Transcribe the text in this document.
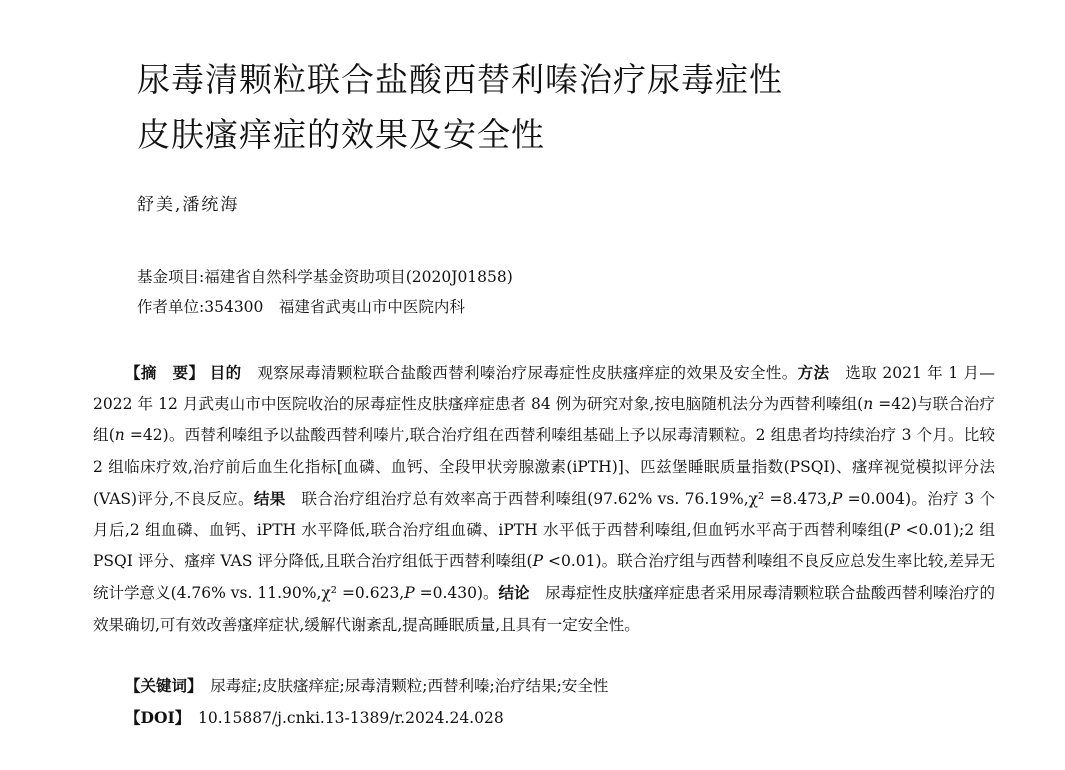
尿毒清颗粒联合盐酸西替利嗪治疗尿毒症性
皮肤瘙痒症的效果及安全性
舒美,潘统海
基金项目:福建省自然科学基金资助项目(2020J01858)
作者单位:354300　福建省武夷山市中医院内科

【摘　要】 目的　 观察尿毒清颗粒联合盐酸西替利嗪治疗尿毒症性皮肤瘙痒症的效果及安全性。方法　 选取 2021 年 1 月—2022 年 12 月武夷山市中医院收治的尿毒症性皮肤瘙痒症患者 84 例为研究对象,按电脑随机法分为西替利嗪组(n =42)与联合治疗组(n =42)。西替利嗪组予以盐酸西替利嗪片,联合治疗组在西替利嗪组基础上予以尿毒清颗粒。2 组患者均持续治疗 3 个月。比较 2 组临床疗效,治疗前后血生化指标[血磷、血钙、全段甲状旁腺激素(iPTH)]、匹兹堡睡眠质量指数(PSQI)、瘙痒视觉模拟评分法(VAS)评分,不良反应。结果　 联合治疗组治疗总有效率高于西替利嗪组(97.62% vs. 76.19%,χ² =8.473,P =0.004)。治疗 3 个月后,2 组血磷、血钙、iPTH 水平降低,联合治疗组血磷、iPTH 水平低于西替利嗪组,但血钙水平高于西替利嗪组(P <0.01);2 组 PSQI 评分、瘙痒 VAS 评分降低,且联合治疗组低于西替利嗪组(P <0.01)。联合治疗组与西替利嗪组不良反应总发生率比较,差异无统计学意义(4.76% vs. 11.90%,χ² =0.623,P =0.430)。结论　 尿毒症性皮肤瘙痒症患者采用尿毒清颗粒联合盐酸西替利嗪治疗的效果确切,可有效改善瘙痒症状,缓解代谢紊乱,提高睡眠质量,且具有一定安全性。

【关键词】　 尿毒症;皮肤瘙痒症;尿毒清颗粒;西替利嗪;治疗结果;安全性
【DOI】　 10.15887/j.cnki.13-1389/r.2024.24.028
